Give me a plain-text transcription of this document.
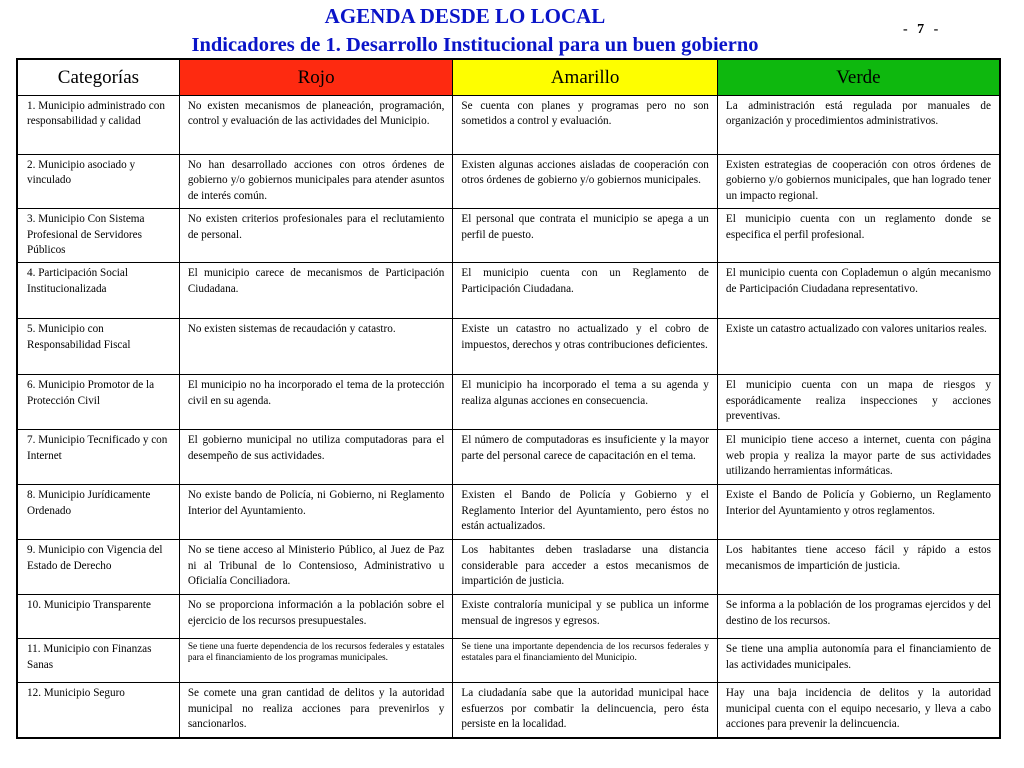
AGENDA DESDE LO LOCAL
Indicadores de 1. Desarrollo Institucional para un buen gobierno
- 7 -
Categorías	Rojo	Amarillo	Verde
1. Municipio administrado con responsabilidad y calidad	No existen mecanismos de planeación, programación, control y evaluación de las actividades del Municipio.	Se cuenta con planes y programas pero no son sometidos a control y evaluación.	La administración está regulada por manuales de organización y procedimientos administrativos.
2. Municipio asociado y vinculado	No han desarrollado acciones con otros órdenes de gobierno y/o gobiernos municipales para atender asuntos de interés común.	Existen algunas acciones aisladas de cooperación con otros órdenes de gobierno y/o gobiernos municipales.	Existen estrategias de cooperación con otros órdenes de gobierno y/o gobiernos municipales, que han logrado tener un impacto regional.
3. Municipio Con Sistema Profesional de Servidores Públicos	No existen criterios profesionales para el reclutamiento de personal.	El personal que contrata el municipio se apega a un perfil de puesto.	El municipio cuenta con un reglamento donde se especifica el perfil profesional.
4. Participación Social Institucionalizada	El municipio carece de mecanismos de Participación Ciudadana.	El municipio cuenta con un Reglamento de Participación Ciudadana.	El municipio cuenta con Coplademun o algún mecanismo de Participación Ciudadana representativo.
5. Municipio con Responsabilidad Fiscal	No existen sistemas de recaudación y catastro.	Existe un catastro no actualizado y el cobro de impuestos, derechos y otras contribuciones deficientes.	Existe un catastro actualizado con valores unitarios reales.
6. Municipio Promotor de la Protección Civil	El municipio no ha incorporado el tema de la protección civil en su agenda.	El municipio ha incorporado el tema a su agenda y realiza algunas acciones en consecuencia.	El municipio cuenta con un mapa de riesgos y esporádicamente realiza inspecciones y acciones preventivas.
7. Municipio Tecnificado y con Internet	El gobierno municipal no utiliza computadoras para el desempeño de sus actividades.	El número de computadoras es insuficiente y la mayor parte del personal carece de capacitación en el tema.	El municipio tiene acceso a internet, cuenta con página web propia y realiza la mayor parte de sus actividades utilizando herramientas informáticas.
8. Municipio Jurídicamente Ordenado	No existe bando de Policía, ni Gobierno, ni Reglamento Interior del Ayuntamiento.	Existen el Bando de Policía y Gobierno y el Reglamento Interior del Ayuntamiento, pero éstos no están actualizados.	Existe el Bando de Policía y Gobierno, un Reglamento Interior del Ayuntamiento y otros reglamentos.
9. Municipio con Vigencia del Estado de Derecho	No se tiene acceso al Ministerio Público, al Juez de Paz ni al Tribunal de lo Contensioso, Administrativo u Oficialía Conciliadora.	Los habitantes deben trasladarse una distancia considerable para acceder a estos mecanismos de impartición de justicia.	Los habitantes tiene acceso fácil y rápido a estos mecanismos de impartición de justicia.
10. Municipio Transparente	No se proporciona información a la población sobre el ejercicio de los recursos presupuestales.	Existe contraloría municipal y se publica un informe mensual de ingresos y egresos.	Se informa a la población de los programas ejercidos y del destino de los recursos.
11. Municipio con Finanzas Sanas	Se tiene una fuerte dependencia de los recursos federales y estatales para el financiamiento de los programas municipales.	Se tiene una importante dependencia de los recursos federales y estatales para el financiamiento del Municipio.	Se tiene una amplia autonomía para el financiamiento de las actividades municipales.
12. Municipio Seguro	Se comete una gran cantidad de delitos y la autoridad municipal no realiza acciones para prevenirlos y sancionarlos.	La ciudadanía sabe que la autoridad municipal hace esfuerzos por combatir la delincuencia, pero ésta persiste en la localidad.	Hay una baja incidencia de delitos y la autoridad municipal cuenta con el equipo necesario, y lleva a cabo acciones para prevenir la delincuencia.
